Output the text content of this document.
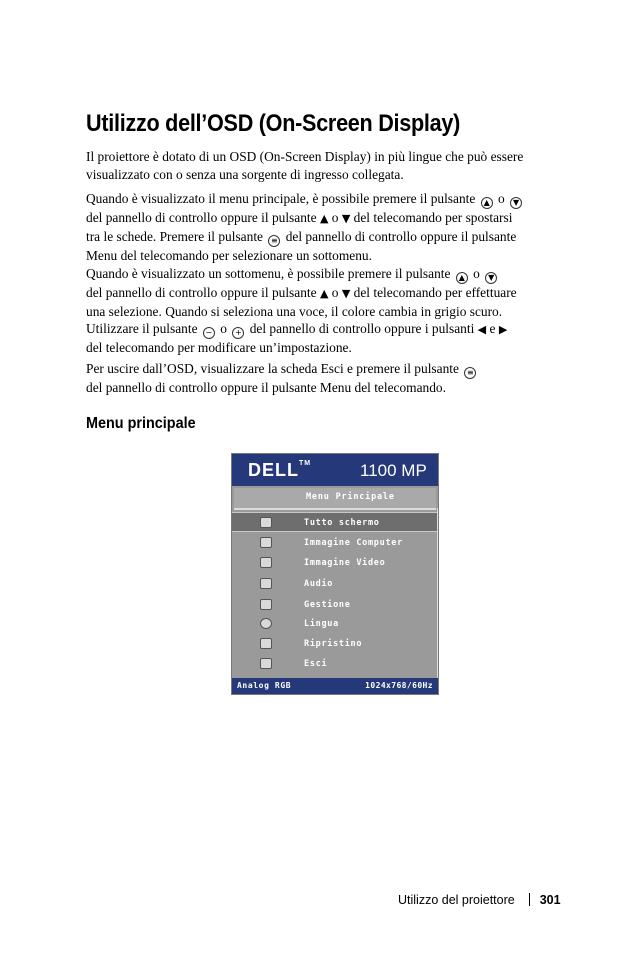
Utilizzo dell’OSD (On-Screen Display)

Il proiettore è dotato di un OSD (On-Screen Display) in più lingue che può essere
visualizzato con o senza una sorgente di ingresso collegata.

Quando è visualizzato il menu principale, è possibile premere il pulsante ▲ o ▼
del pannello di controllo oppure il pulsante ▲ o ▼ del telecomando per spostarsi
tra le schede. Premere il pulsante ≡ del pannello di controllo oppure il pulsante
Menu del telecomando per selezionare un sottomenu.

Quando è visualizzato un sottomenu, è possibile premere il pulsante ▲ o ▼
del pannello di controllo oppure il pulsante ▲ o ▼ del telecomando per effettuare
una selezione. Quando si seleziona una voce, il colore cambia in grigio scuro.
Utilizzare il pulsante − o + del pannello di controllo oppure i pulsanti ◀ e ▶
del telecomando per modificare un’impostazione.

Per uscire dall’OSD, visualizzare la scheda Esci e premere il pulsante ≡
del pannello di controllo oppure il pulsante Menu del telecomando.

Menu principale
DELL™	1100 MP
Menu Principale
Tutto schermo
Immagine Computer
Immagine Video
Audio
Gestione
Lingua
Ripristino
Esci
Analog RGB	1024x768/60Hz
Utilizzo del proiettore 301
